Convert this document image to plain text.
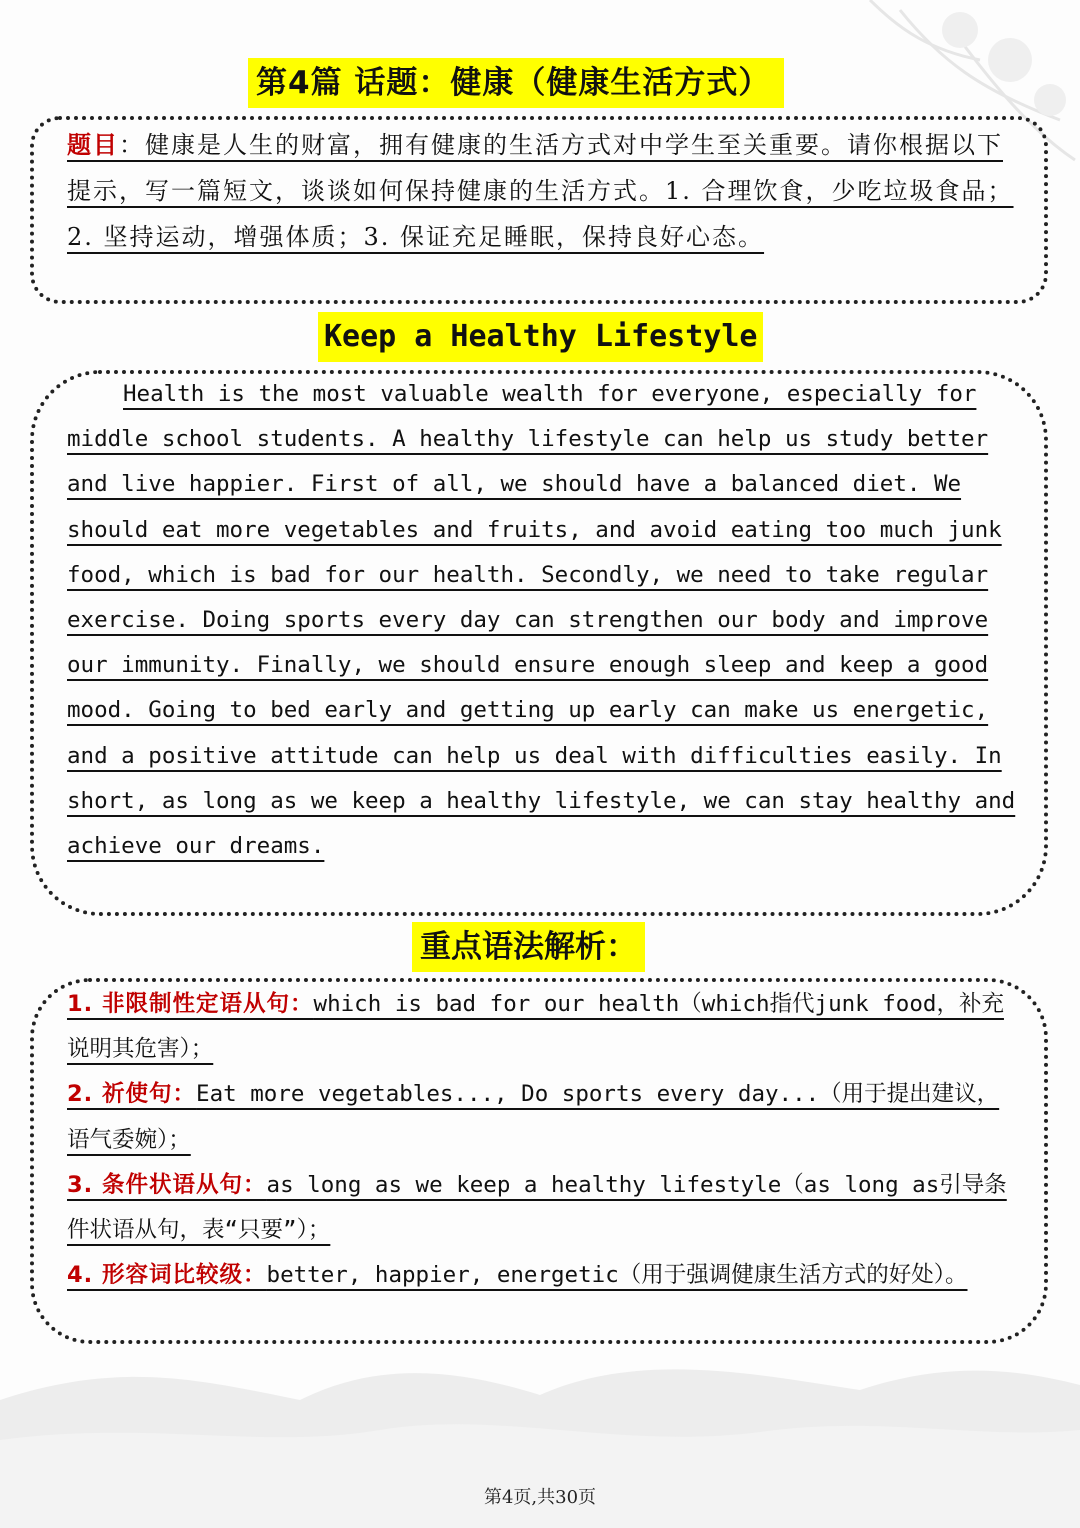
第4篇 话题：健康（健康生活方式）
题目：健康是人生的财富，拥有健康的生活方式对中学生至关重要。请你根据以下提示，写一篇短文，谈谈如何保持健康的生活方式。1. 合理饮食，少吃垃圾食品；2. 坚持运动，增强体质；3. 保证充足睡眠，保持良好心态。
Keep a Healthy Lifestyle
Health is the most valuable wealth for everyone, especially for middle school students. A healthy lifestyle can help us study better and live happier. First of all, we should have a balanced diet. We should eat more vegetables and fruits, and avoid eating too much junk food, which is bad for our health. Secondly, we need to take regular exercise. Doing sports every day can strengthen our body and improve our immunity. Finally, we should ensure enough sleep and keep a good mood. Going to bed early and getting up early can make us energetic, and a positive attitude can help us deal with difficulties easily. In short, as long as we keep a healthy lifestyle, we can stay healthy and achieve our dreams.
重点语法解析：
1. 非限制性定语从句：which is bad for our health（which指代junk food，补充说明其危害）；
2. 祈使句：Eat more vegetables..., Do sports every day...（用于提出建议，语气委婉）；
3. 条件状语从句：as long as we keep a healthy lifestyle（as long as引导条件状语从句，表“只要”）；
4. 形容词比较级：better, happier, energetic（用于强调健康生活方式的好处）。
第4页,共30页
